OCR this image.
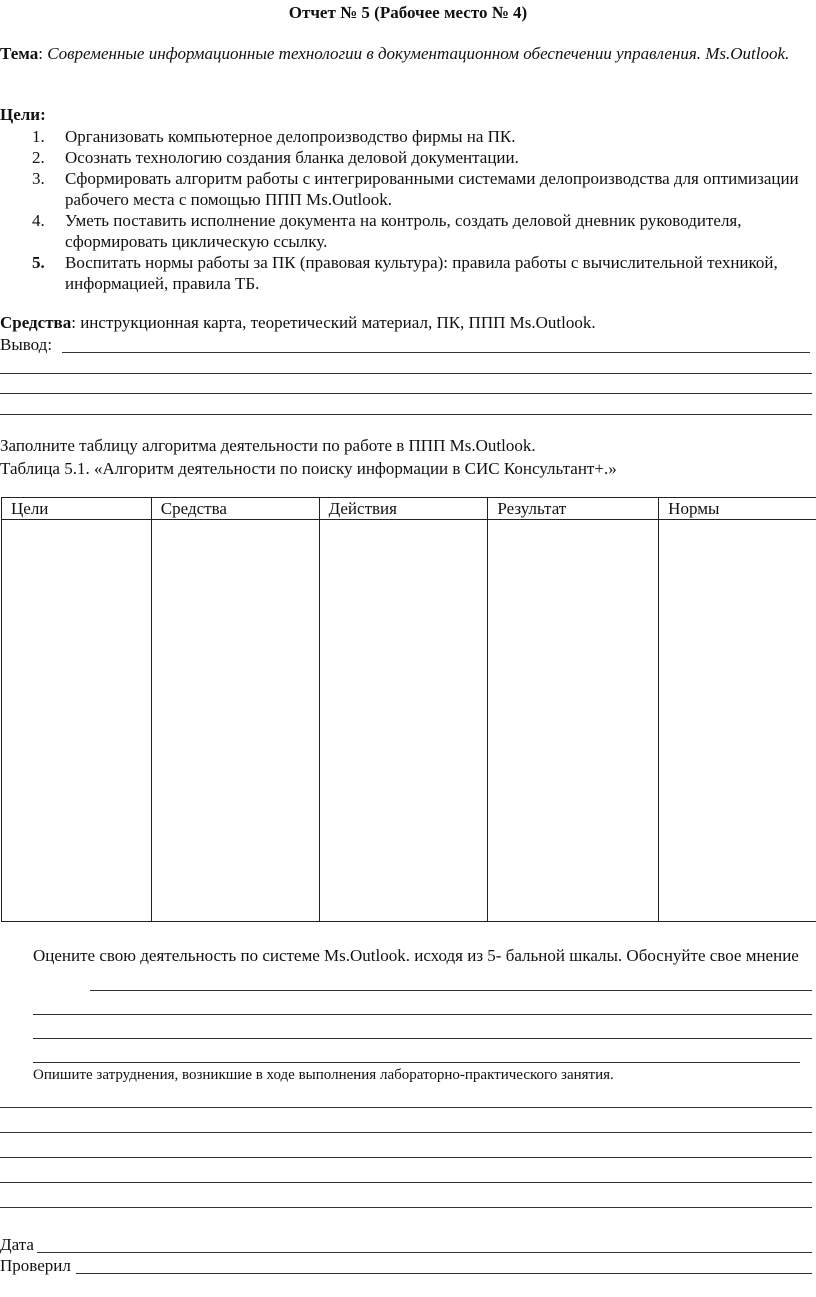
Отчет № 5 (Рабочее место № 4)
Тема: Современные информационные технологии в документационном обеспечении управления. Ms.Outlook.
Цели:
1. Организовать компьютерное делопроизводство фирмы на ПК.
2. Осознать технологию создания бланка деловой документации.
3. Сформировать алгоритм работы с интегрированными системами делопроизводства для оптимизации рабочего места с помощью ППП Ms.Outlook.
4. Уметь поставить исполнение документа на контроль, создать деловой дневник руководителя, сформировать циклическую ссылку.
5. Воспитать нормы работы за ПК (правовая культура): правила работы с вычислительной техникой, информацией, правила ТБ.
Средства: инструкционная карта, теоретический материал, ПК, ППП Ms.Outlook.
Вывод:
Заполните таблицу алгоритма деятельности по работе в ППП Ms.Outlook.
Таблица 5.1. «Алгоритм деятельности по поиску информации в СИС Консультант+.»
Цели	Средства	Действия	Результат	Нормы

Оцените свою деятельность по системе Ms.Outlook. исходя из 5- бальной шкалы. Обоснуйте свое мнение
Опишите затруднения, возникшие в ходе выполнения лабораторно-практического занятия.
Дата
Проверил
